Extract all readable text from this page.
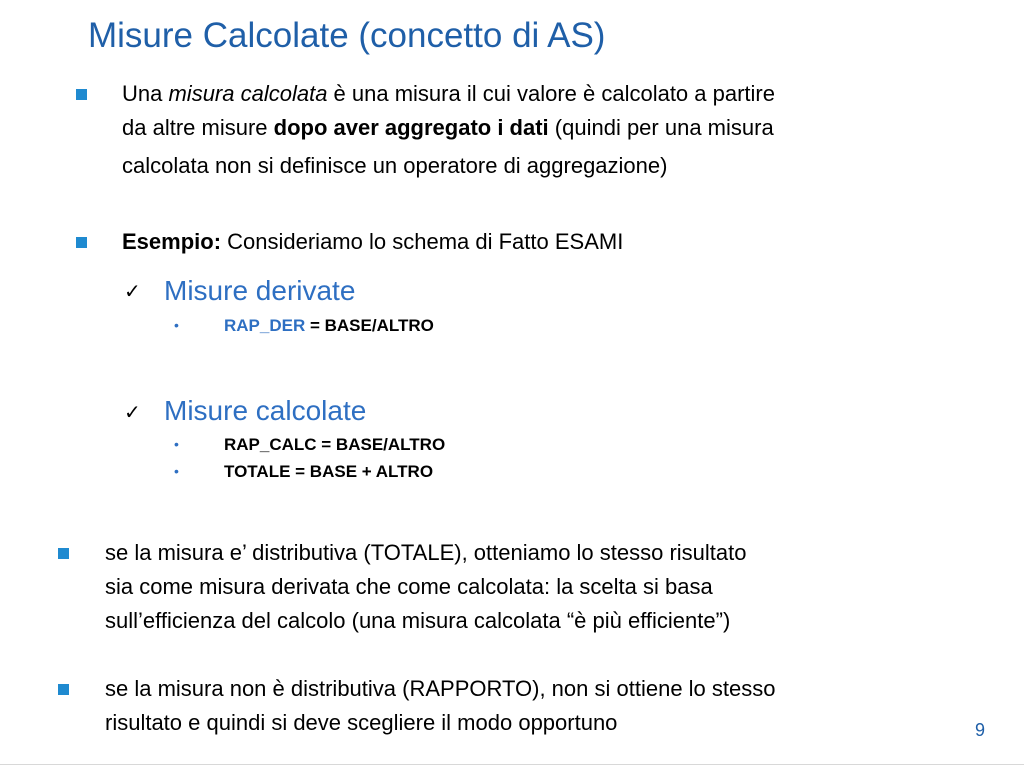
Misure Calcolate (concetto di AS)
Una misura calcolata è una misura il cui valore è calcolato a partire
da altre misure dopo aver aggregato i dati (quindi per una misura
calcolata non si definisce un operatore di aggregazione)
Esempio: Consideriamo lo schema di Fatto ESAMI
✓ Misure derivate
•	RAP_DER = BASE/ALTRO
✓ Misure calcolate
•	RAP_CALC = BASE/ALTRO
•	TOTALE = BASE + ALTRO
se la misura e’ distributiva (TOTALE), otteniamo lo stesso risultato
sia come misura derivata che come calcolata: la scelta si basa
sull’efficienza del calcolo (una misura calcolata “è più efficiente”)
se la misura non è distributiva (RAPPORTO), non si ottiene lo stesso
risultato e quindi si deve scegliere il modo opportuno	9
